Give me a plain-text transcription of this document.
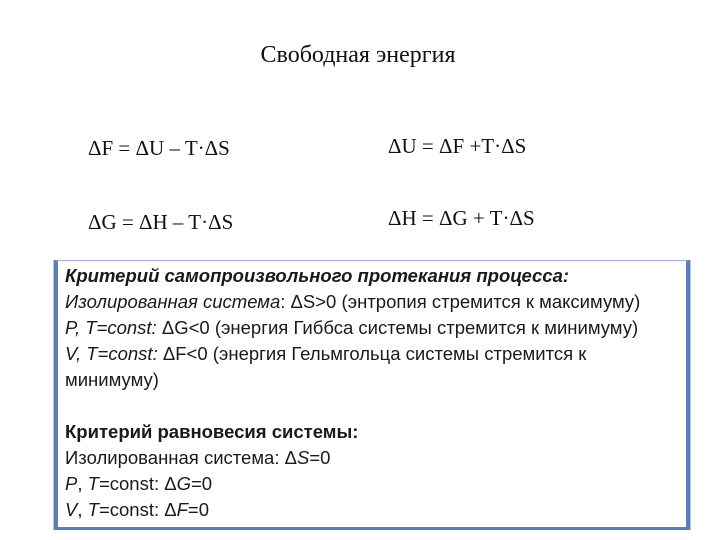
Свободная энергия
ΔF = ΔU – T·ΔS	ΔU = ΔF +T·ΔS
ΔG = ΔH – T·ΔS	ΔH = ΔG + T·ΔS
Критерий самопроизвольного протекания процесса:
Изолированная система: ΔS>0 (энтропия стремится к максимуму)
P, T=const: ΔG<0 (энергия Гиббса системы стремится к минимуму)
V, T=const: ΔF<0 (энергия Гельмгольца системы стремится к минимуму)
Критерий равновесия системы:
Изолированная система: ΔS=0
P, T=const: ΔG=0
V, T=const: ΔF=0
